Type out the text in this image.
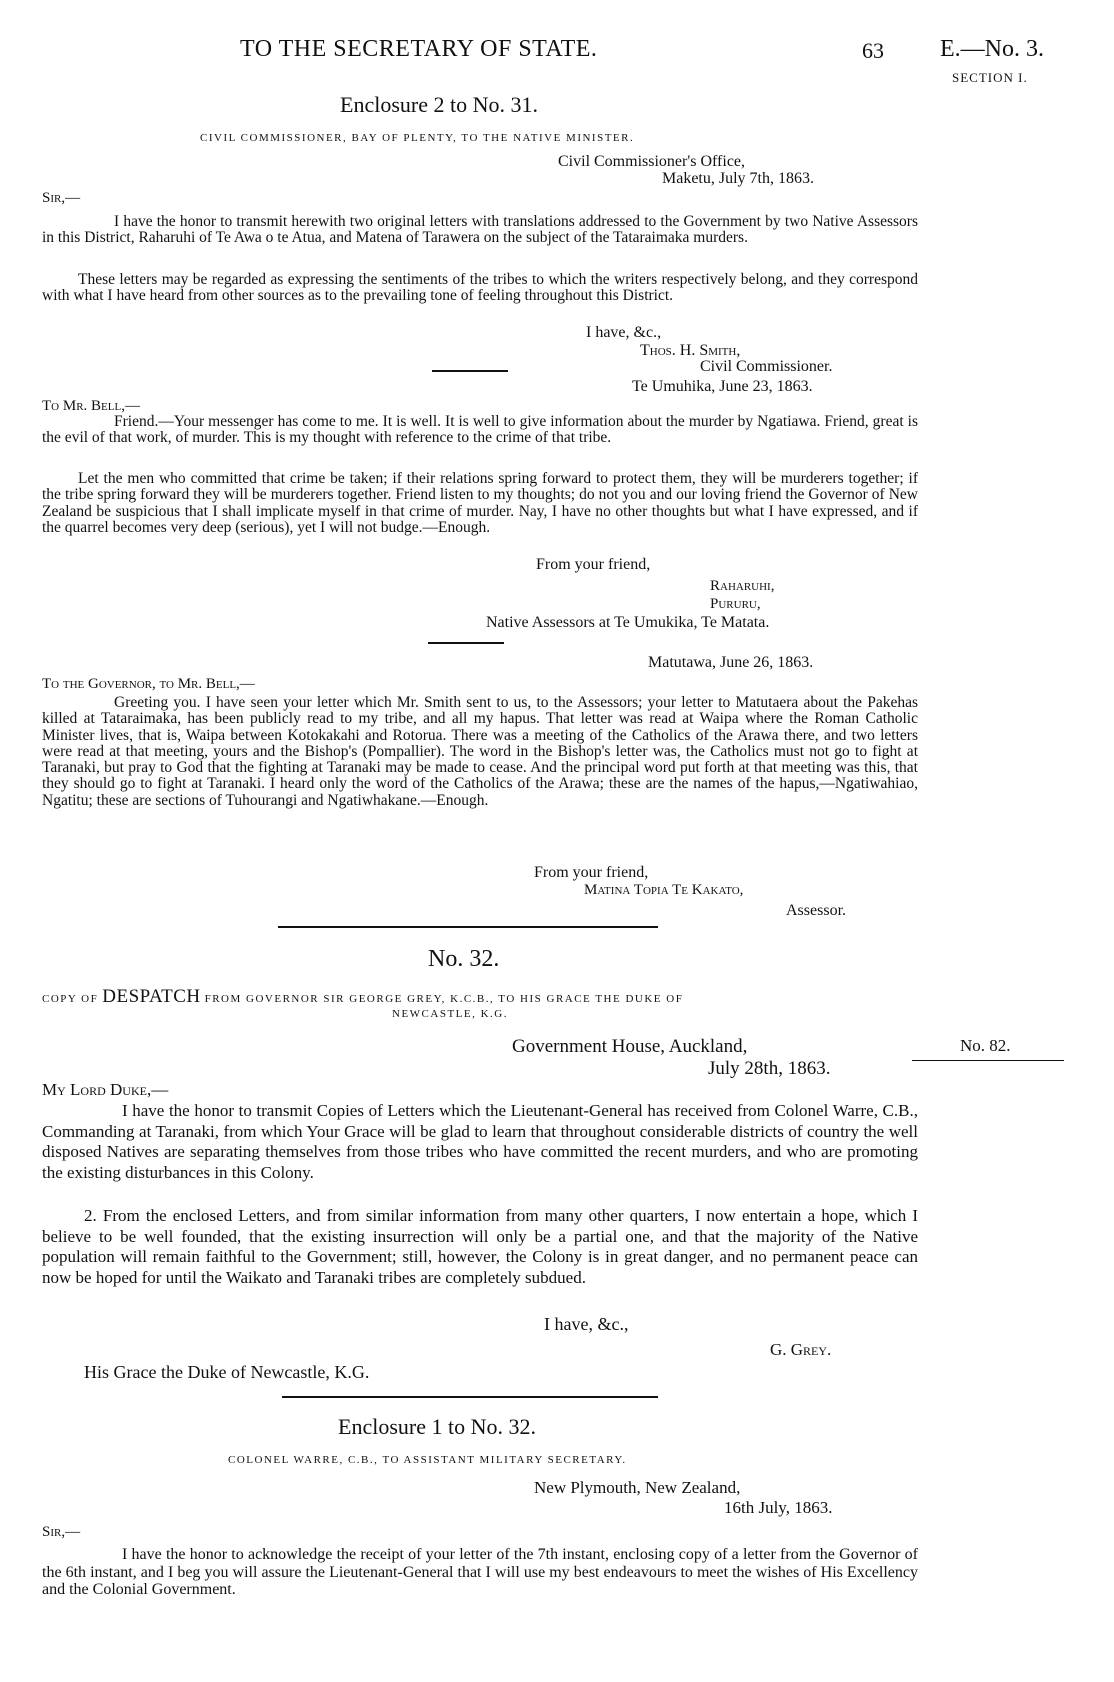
TO THE SECRETARY OF STATE.	63 E.—No. 3.
SECTION I.
Enclosure 2 to No. 31.
CIVIL COMMISSIONER, BAY OF PLENTY, TO THE NATIVE MINISTER.
Civil Commissioner's Office,
Maketu, July 7th, 1863.
Sir,—
I have the honor to transmit herewith two original letters with translations addressed to the Government by two Native Assessors in this District, Raharuhi of Te Awa o te Atua, and Matena of Tarawera on the subject of the Tataraimaka murders.
These letters may be regarded as expressing the sentiments of the tribes to which the writers respectively belong, and they correspond with what I have heard from other sources as to the prevailing tone of feeling throughout this District.
I have, &c.,
Thos. H. Smith,
Civil Commissioner.
Te Umuhika, June 23, 1863.
To Mr. Bell,—
Friend.—Your messenger has come to me. It is well. It is well to give information about the murder by Ngatiawa. Friend, great is the evil of that work, of murder. This is my thought with reference to the crime of that tribe.
Let the men who committed that crime be taken; if their relations spring forward to protect them, they will be murderers together; if the tribe spring forward they will be murderers together. Friend listen to my thoughts; do not you and our loving friend the Governor of New Zealand be suspicious that I shall implicate myself in that crime of murder. Nay, I have no other thoughts but what I have expressed, and if the quarrel becomes very deep (serious), yet I will not budge.—Enough.
From your friend,
Raharuhi,
Pururu,
Native Assessors at Te Umukika, Te Matata.
Matutawa, June 26, 1863.
To the Governor, to Mr. Bell,—
Greeting you. I have seen your letter which Mr. Smith sent to us, to the Assessors; your letter to Matutaera about the Pakehas killed at Tataraimaka, has been publicly read to my tribe, and all my hapus. That letter was read at Waipa where the Roman Catholic Minister lives, that is, Waipa between Kotokakahi and Rotorua. There was a meeting of the Catholics of the Arawa there, and two letters were read at that meeting, yours and the Bishop's (Pompallier). The word in the Bishop's letter was, the Catholics must not go to fight at Taranaki, but pray to God that the fighting at Taranaki may be made to cease. And the principal word put forth at that meeting was this, that they should go to fight at Taranaki. I heard only the word of the Catholics of the Arawa; these are the names of the hapus,—Ngatiwahiao, Ngatitu; these are sections of Tuhourangi and Ngatiwhakane.—Enough.
From your friend,
Matina Topia Te Kakato,
Assessor.
No. 32.
COPY OF DESPATCH FROM GOVERNOR SIR GEORGE GREY, K.C.B., TO HIS GRACE THE DUKE OF
NEWCASTLE, K.G.
Government House, Auckland,
July 28th, 1863.
No. 82.
My Lord Duke,—
I have the honor to transmit Copies of Letters which the Lieutenant-General has received from Colonel Warre, C.B., Commanding at Taranaki, from which Your Grace will be glad to learn that throughout considerable districts of country the well disposed Natives are separating themselves from those tribes who have committed the recent murders, and who are promoting the existing disturbances in this Colony.
2. From the enclosed Letters, and from similar information from many other quarters, I now entertain a hope, which I believe to be well founded, that the existing insurrection will only be a partial one, and that the majority of the Native population will remain faithful to the Government; still, however, the Colony is in great danger, and no permanent peace can now be hoped for until the Waikato and Taranaki tribes are completely subdued.
I have, &c.,
G. Grey.
His Grace the Duke of Newcastle, K.G.
Enclosure 1 to No. 32.
COLONEL WARRE, C.B., TO ASSISTANT MILITARY SECRETARY.
New Plymouth, New Zealand,
16th July, 1863.
Sir,—
I have the honor to acknowledge the receipt of your letter of the 7th instant, enclosing copy of a letter from the Governor of the 6th instant, and I beg you will assure the Lieutenant-General that I will use my best endeavours to meet the wishes of His Excellency and the Colonial Government.
